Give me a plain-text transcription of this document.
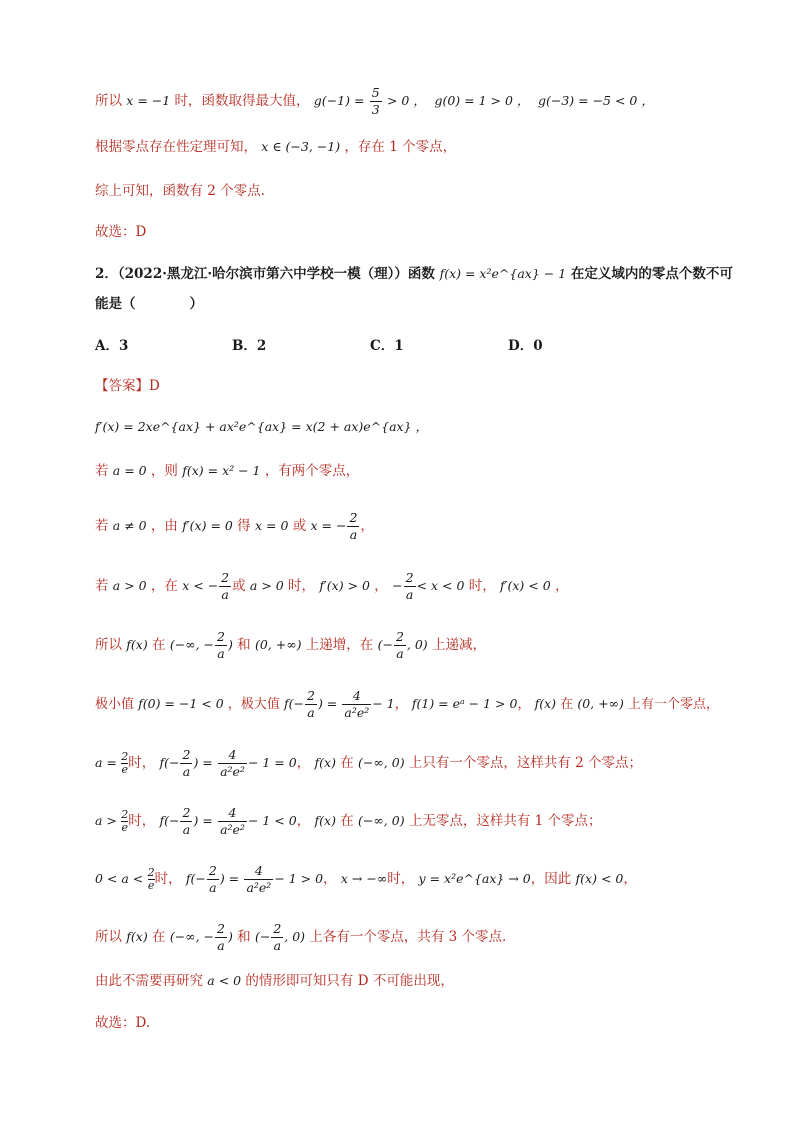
所以 x = −1 时，函数取得最大值， $g(-1) = \frac{5}{3} > 0$ ， g(0) = 1 > 0 ， g(−3) = −5 < 0 ，
根据零点存在性定理可知， x ∈ (−3, −1) ，存在 1 个零点，
综上可知，函数有 2 个零点.
故选：D
2．（2022·黑龙江·哈尔滨市第六中学校一模（理））函数 f(x) = x²e^{ax} − 1 在定义域内的零点个数不可
能是（　　　　）
A．3	B．2	C．1	D．0
【答案】D
f′(x) = 2xe^{ax} + ax²e^{ax} = x(2 + ax)e^{ax} ，
若 a = 0 ，则 f(x) = x² − 1 ，有两个零点，
若 a ≠ 0 ，由 f′(x) = 0 得 x = 0 或 x = − $\frac{2}{a}$ ，
若 a > 0 ，在 x < − $\frac{2}{a}$ 或 a > 0 时， f′(x) > 0 ， − $\frac{2}{a} < x < 0$ 时， f′(x) < 0 ，
所以 f(x) 在 (−∞, − $\frac{2}{a}$ ) 和 (0, +∞) 上递增，在 (− $\frac{2}{a}$ , 0) 上递减，
极小值 f(0) = −1 < 0 ，极大值 $f(- \frac{2}{a}$ ) = $\frac{4}{\text{a²e²}} - 1$， f(1) = eᵃ − 1 > 0， f(x) 在 (0, +∞) 上有一个零点，
$a = \frac{2}{e}$ 时， $f(- \frac{2}{a}$ ) = $\frac{4}{\text{a²e²}} - 1 = 0$， f(x) 在 (−∞, 0) 上只有一个零点，这样共有 2 个零点；
$a > \frac{2}{e}$ 时， $f(- \frac{2}{a}$ ) = $\frac{4}{\text{a²e²}} - 1 < 0$， f(x) 在 (−∞, 0) 上无零点，这样共有 1 个零点；
$0 < a < \frac{2}{e}$ 时， $f(- \frac{2}{a}$ ) = $\frac{4}{\text{a²e²}} - 1 > 0$， x → −∞时， y = x²e^{ax} → 0，因此 f(x) < 0，
所以 f(x) 在 (−∞, − $\frac{2}{a}$ ) 和 (− $\frac{2}{a}$ , 0) 上各有一个零点，共有 3 个零点.
由此不需要再研究 a < 0 的情形即可知只有 D 不可能出现，
故选：D.
